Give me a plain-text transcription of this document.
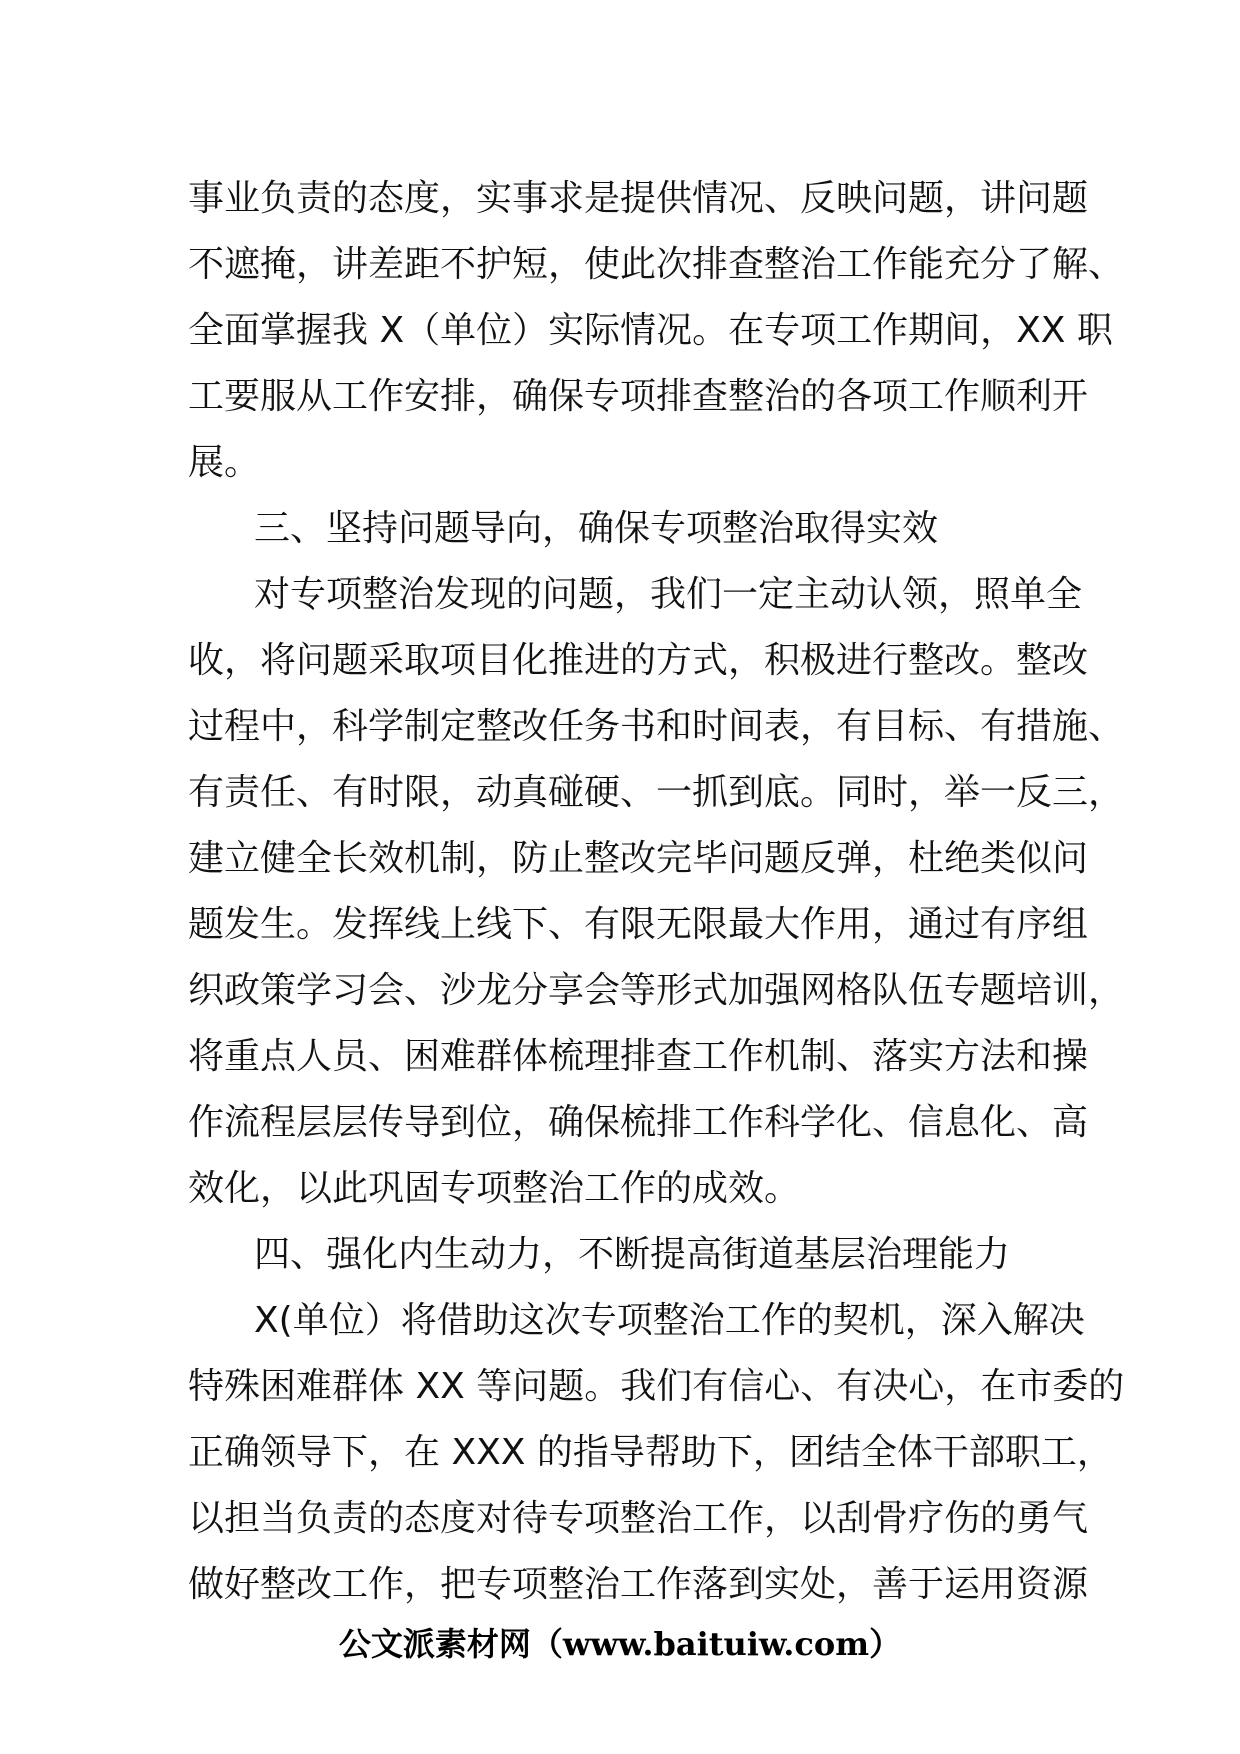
事业负责的态度，实事求是提供情况、反映问题，讲问题
不遮掩，讲差距不护短，使此次排查整治工作能充分了解、
全面掌握我 X（单位）实际情况。在专项工作期间，XX 职
工要服从工作安排，确保专项排查整治的各项工作顺利开
展。
三、坚持问题导向，确保专项整治取得实效
对专项整治发现的问题，我们一定主动认领，照单全
收，将问题采取项目化推进的方式，积极进行整改。整改
过程中，科学制定整改任务书和时间表，有目标、有措施、
有责任、有时限，动真碰硬、一抓到底。同时，举一反三，
建立健全长效机制，防止整改完毕问题反弹，杜绝类似问
题发生。发挥线上线下、有限无限最大作用，通过有序组
织政策学习会、沙龙分享会等形式加强网格队伍专题培训，
将重点人员、困难群体梳理排查工作机制、落实方法和操
作流程层层传导到位，确保梳排工作科学化、信息化、高
效化，以此巩固专项整治工作的成效。
四、强化内生动力，不断提高街道基层治理能力
X(单位）将借助这次专项整治工作的契机，深入解决
特殊困难群体 XX 等问题。我们有信心、有决心，在市委的
正确领导下，在 XXX 的指导帮助下，团结全体干部职工，
以担当负责的态度对待专项整治工作，以刮骨疗伤的勇气
做好整改工作，把专项整治工作落到实处，善于运用资源
公文派素材网（www.baituiw.com）
